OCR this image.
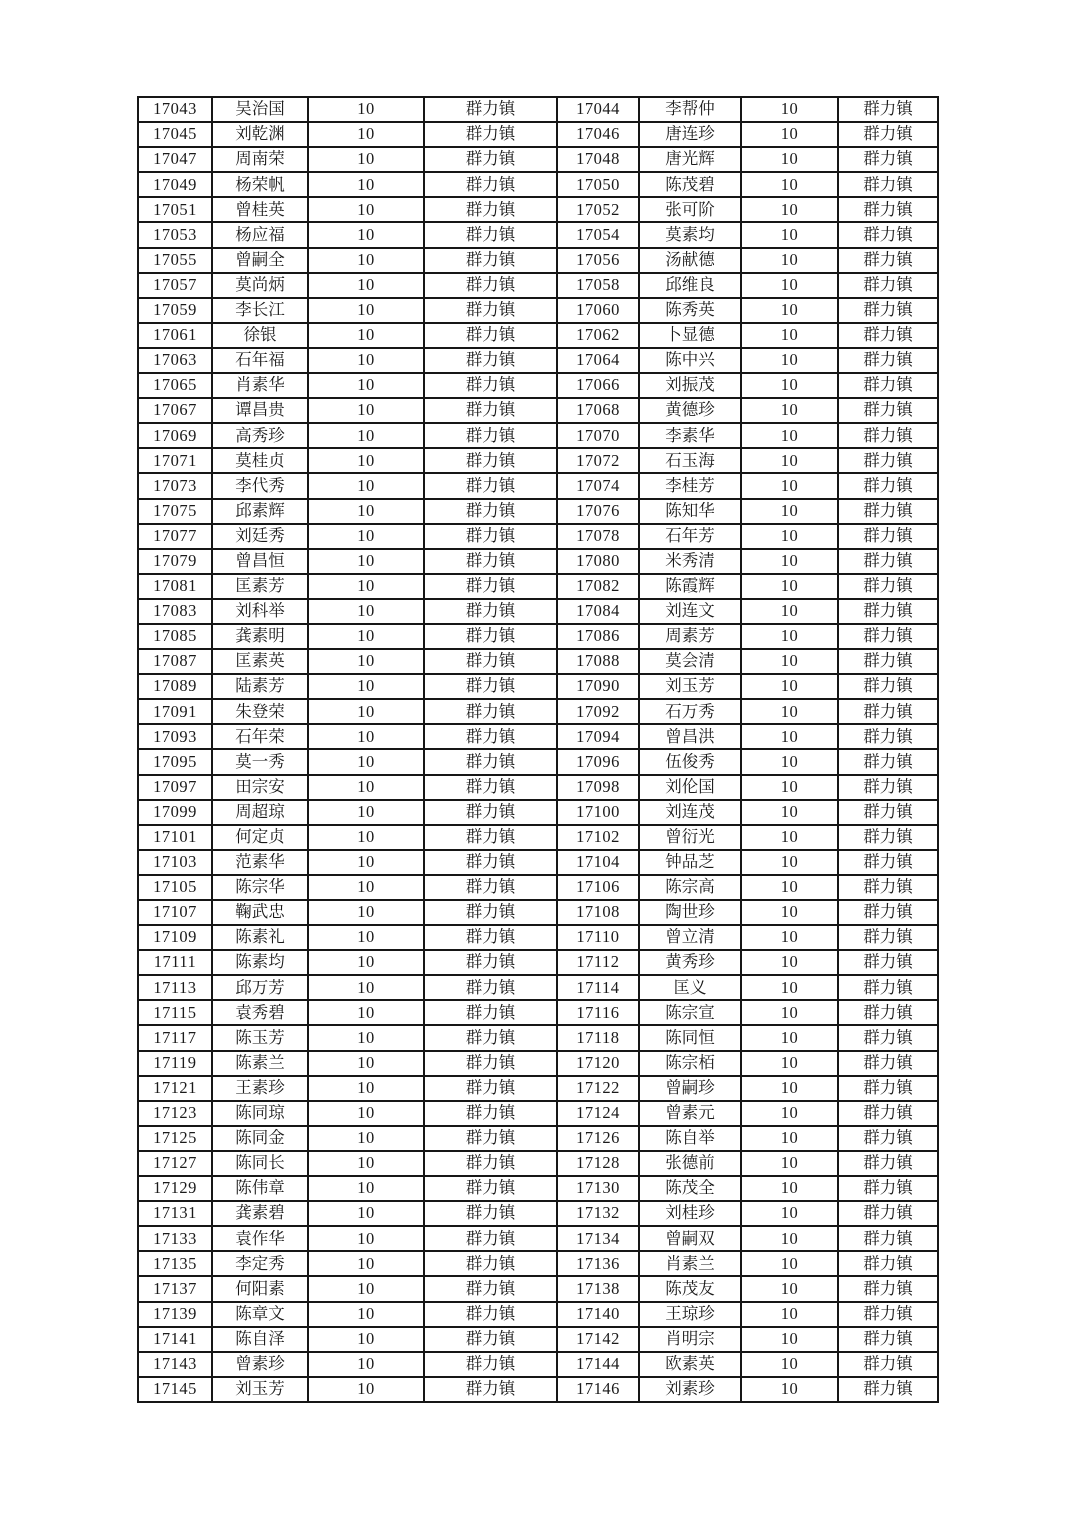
17043	吴治国	10	群力镇	17044	李帮仲	10	群力镇
17045	刘乾渊	10	群力镇	17046	唐连珍	10	群力镇
17047	周南荣	10	群力镇	17048	唐光辉	10	群力镇
17049	杨荣帆	10	群力镇	17050	陈茂碧	10	群力镇
17051	曾桂英	10	群力镇	17052	张可阶	10	群力镇
17053	杨应福	10	群力镇	17054	莫素均	10	群力镇
17055	曾嗣全	10	群力镇	17056	汤献德	10	群力镇
17057	莫尚炳	10	群力镇	17058	邱维良	10	群力镇
17059	李长江	10	群力镇	17060	陈秀英	10	群力镇
17061	徐银	10	群力镇	17062	卜显德	10	群力镇
17063	石年福	10	群力镇	17064	陈中兴	10	群力镇
17065	肖素华	10	群力镇	17066	刘振茂	10	群力镇
17067	谭昌贵	10	群力镇	17068	黄德珍	10	群力镇
17069	高秀珍	10	群力镇	17070	李素华	10	群力镇
17071	莫桂贞	10	群力镇	17072	石玉海	10	群力镇
17073	李代秀	10	群力镇	17074	李桂芳	10	群力镇
17075	邱素辉	10	群力镇	17076	陈知华	10	群力镇
17077	刘廷秀	10	群力镇	17078	石年芳	10	群力镇
17079	曾昌恒	10	群力镇	17080	米秀清	10	群力镇
17081	匡素芳	10	群力镇	17082	陈霞辉	10	群力镇
17083	刘科举	10	群力镇	17084	刘连文	10	群力镇
17085	龚素明	10	群力镇	17086	周素芳	10	群力镇
17087	匡素英	10	群力镇	17088	莫会清	10	群力镇
17089	陆素芳	10	群力镇	17090	刘玉芳	10	群力镇
17091	朱登荣	10	群力镇	17092	石万秀	10	群力镇
17093	石年荣	10	群力镇	17094	曾昌洪	10	群力镇
17095	莫一秀	10	群力镇	17096	伍俊秀	10	群力镇
17097	田宗安	10	群力镇	17098	刘伦国	10	群力镇
17099	周超琼	10	群力镇	17100	刘连茂	10	群力镇
17101	何定贞	10	群力镇	17102	曾衍光	10	群力镇
17103	范素华	10	群力镇	17104	钟品芝	10	群力镇
17105	陈宗华	10	群力镇	17106	陈宗高	10	群力镇
17107	鞠武忠	10	群力镇	17108	陶世珍	10	群力镇
17109	陈素礼	10	群力镇	17110	曾立清	10	群力镇
17111	陈素均	10	群力镇	17112	黄秀珍	10	群力镇
17113	邱万芳	10	群力镇	17114	匡义	10	群力镇
17115	袁秀碧	10	群力镇	17116	陈宗宣	10	群力镇
17117	陈玉芳	10	群力镇	17118	陈同恒	10	群力镇
17119	陈素兰	10	群力镇	17120	陈宗栢	10	群力镇
17121	王素珍	10	群力镇	17122	曾嗣珍	10	群力镇
17123	陈同琼	10	群力镇	17124	曾素元	10	群力镇
17125	陈同金	10	群力镇	17126	陈自举	10	群力镇
17127	陈同长	10	群力镇	17128	张德前	10	群力镇
17129	陈伟章	10	群力镇	17130	陈茂全	10	群力镇
17131	龚素碧	10	群力镇	17132	刘桂珍	10	群力镇
17133	袁作华	10	群力镇	17134	曾嗣双	10	群力镇
17135	李定秀	10	群力镇	17136	肖素兰	10	群力镇
17137	何阳素	10	群力镇	17138	陈茂友	10	群力镇
17139	陈章文	10	群力镇	17140	王琼珍	10	群力镇
17141	陈自泽	10	群力镇	17142	肖明宗	10	群力镇
17143	曾素珍	10	群力镇	17144	欧素英	10	群力镇
17145	刘玉芳	10	群力镇	17146	刘素珍	10	群力镇
